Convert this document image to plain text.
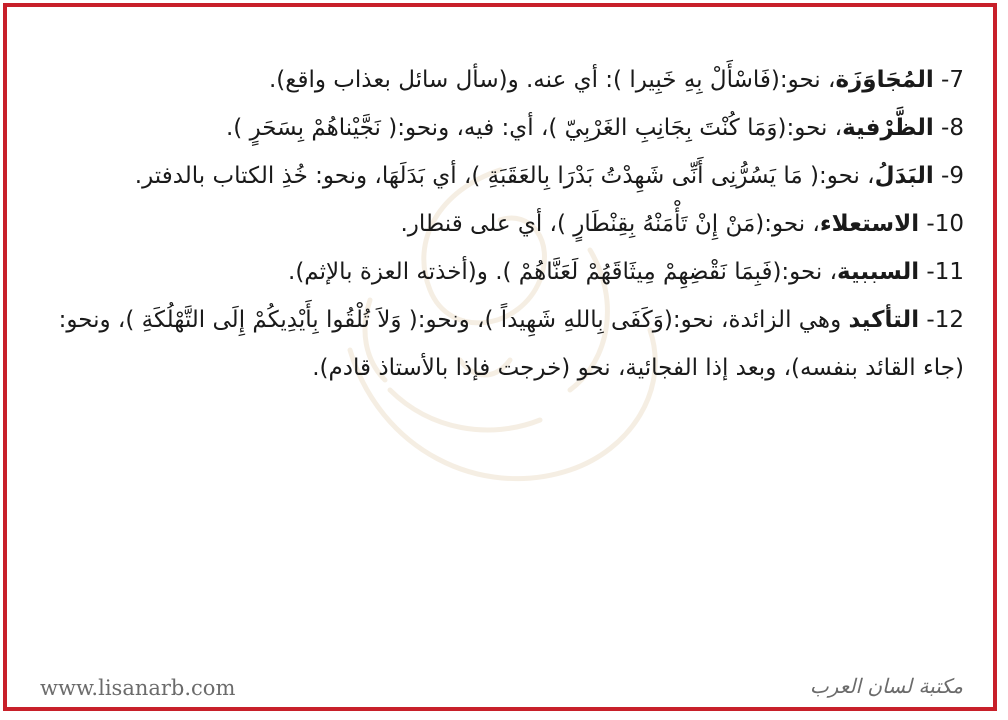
7- المُجَاوَزَة، نحو:(فَاسْأَلْ بِهِ خَبِيرا ): أي عنه. و(سأل سائل بعذاب واقع).

8- الظَّرْفية، نحو:(وَمَا كُنْتَ بِجَانِبِ الغَرْبِيّ )، أي: فيه، ونحو:( نَجَّيْناهُمْ بِسَحَرٍ ).

9- البَدَلُ، نحو:( مَا يَسُرُّنِى أَنِّى شَهِدْتُ بَدْرَا بِالعَقَبَةِ )، أي بَدَلَهَا، ونحو: خُذِ الكتاب بالدفتر.

10- الاستعلاء، نحو:(مَنْ إِنْ تَأْمَنْهُ بِقِنْطَارٍ )، أي على قنطار.

11- السببية، نحو:(فَبِمَا نَقْضِهِمْ مِيثَاقَهُمْ لَعَنَّاهُمْ ). و(أخذته العزة بالإثم).

12- التأكيد وهي الزائدة، نحو:(وَكَفَى بِاللهِ شَهِيداً )، ونحو:( وَلاَ تُلْقُوا بِأَيْدِيكُمْ إِلَى التَّهْلُكَةِ )، ونحو:(جاء القائد بنفسه)، وبعد إذا الفجائية، نحو (خرجت فإذا بالأستاذ قادم).

www.lisanarb.com	مكتبة لسان العرب
